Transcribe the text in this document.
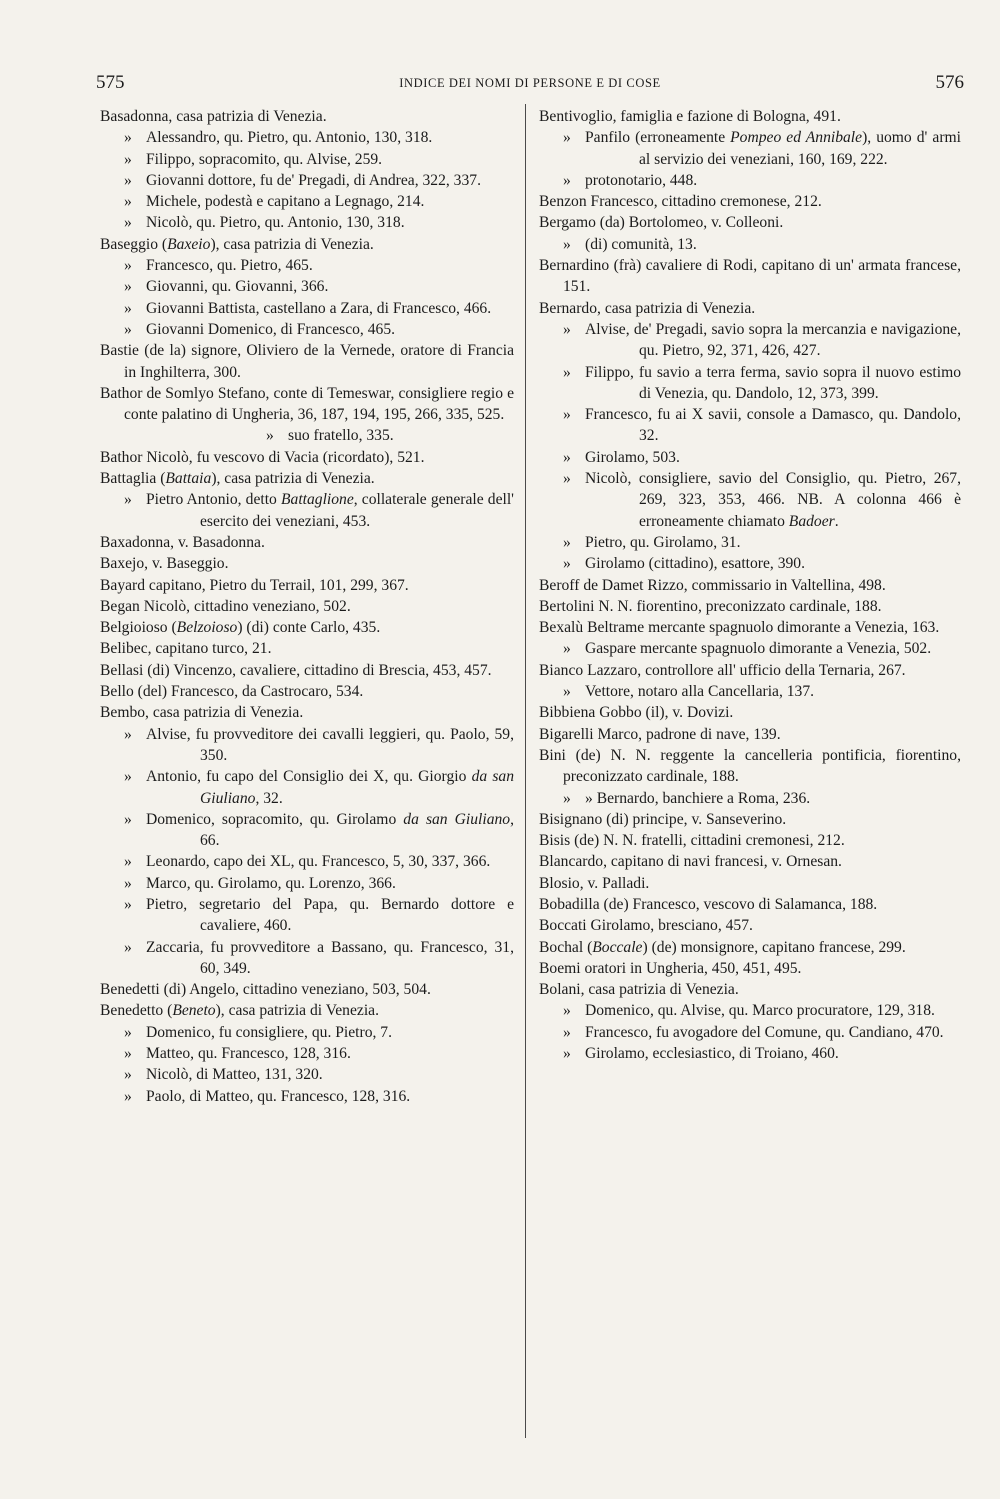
575	INDICE DEI NOMI DI PERSONE E DI COSE	576

Basadonna, casa patrizia di Venezia.

» Alessandro, qu. Pietro, qu. Antonio, 130, 318.

» Filippo, sopracomito, qu. Alvise, 259.

» Giovanni dottore, fu de' Pregadi, di Andrea, 322, 337.

» Michele, podestà e capitano a Legnago, 214.

» Nicolò, qu. Pietro, qu. Antonio, 130, 318.

Baseggio (Baxeio), casa patrizia di Venezia.

» Francesco, qu. Pietro, 465.

» Giovanni, qu. Giovanni, 366.

» Giovanni Battista, castellano a Zara, di Francesco, 466.

» Giovanni Domenico, di Francesco, 465.

Bastie (de la) signore, Oliviero de la Vernede, oratore di Francia in Inghilterra, 300.

Bathor de Somlyo Stefano, conte di Temeswar, consigliere regio e conte palatino di Ungheria, 36, 187, 194, 195, 266, 335, 525.

» suo fratello, 335.

Bathor Nicolò, fu vescovo di Vacia (ricordato), 521.

Battaglia (Battaia), casa patrizia di Venezia.

» Pietro Antonio, detto Battaglione, collaterale generale dell' esercito dei veneziani, 453.

Baxadonna, v. Basadonna.

Baxejo, v. Baseggio.

Bayard capitano, Pietro du Terrail, 101, 299, 367.

Began Nicolò, cittadino veneziano, 502.

Belgioioso (Belzoioso) (di) conte Carlo, 435.

Belibec, capitano turco, 21.

Bellasi (di) Vincenzo, cavaliere, cittadino di Brescia, 453, 457.

Bello (del) Francesco, da Castrocaro, 534.

Bembo, casa patrizia di Venezia.

» Alvise, fu provveditore dei cavalli leggieri, qu. Paolo, 59, 350.

» Antonio, fu capo del Consiglio dei X, qu. Giorgio da san Giuliano, 32.

» Domenico, sopracomito, qu. Girolamo da san Giuliano, 66.

» Leonardo, capo dei XL, qu. Francesco, 5, 30, 337, 366.

» Marco, qu. Girolamo, qu. Lorenzo, 366.

» Pietro, segretario del Papa, qu. Bernardo dottore e cavaliere, 460.

» Zaccaria, fu provveditore a Bassano, qu. Francesco, 31, 60, 349.

Benedetti (di) Angelo, cittadino veneziano, 503, 504.

Benedetto (Beneto), casa patrizia di Venezia.

» Domenico, fu consigliere, qu. Pietro, 7.

» Matteo, qu. Francesco, 128, 316.

» Nicolò, di Matteo, 131, 320.

» Paolo, di Matteo, qu. Francesco, 128, 316.

Bentivoglio, famiglia e fazione di Bologna, 491.

» Panfilo (erroneamente Pompeo ed Annibale), uomo d' armi al servizio dei veneziani, 160, 169, 222.

» protonotario, 448.

Benzon Francesco, cittadino cremonese, 212.

Bergamo (da) Bortolomeo, v. Colleoni.

» (di) comunità, 13.

Bernardino (frà) cavaliere di Rodi, capitano di un' armata francese, 151.

Bernardo, casa patrizia di Venezia.

» Alvise, de' Pregadi, savio sopra la mercanzia e navigazione, qu. Pietro, 92, 371, 426, 427.

» Filippo, fu savio a terra ferma, savio sopra il nuovo estimo di Venezia, qu. Dandolo, 12, 373, 399.

» Francesco, fu ai X savii, console a Damasco, qu. Dandolo, 32.

» Girolamo, 503.

» Nicolò, consigliere, savio del Consiglio, qu. Pietro, 267, 269, 323, 353, 466. NB. A colonna 466 è erroneamente chiamato Badoer.

» Pietro, qu. Girolamo, 31.

» Girolamo (cittadino), esattore, 390.

Beroff de Damet Rizzo, commissario in Valtellina, 498.

Bertolini N. N. fiorentino, preconizzato cardinale, 188.

Bexalù Beltrame mercante spagnuolo dimorante a Venezia, 163.

» Gaspare mercante spagnuolo dimorante a Venezia, 502.

Bianco Lazzaro, controllore all' ufficio della Ternaria, 267.

» Vettore, notaro alla Cancellaria, 137.

Bibbiena Gobbo (il), v. Dovizi.

Bigarelli Marco, padrone di nave, 139.

Bini (de) N. N. reggente la cancelleria pontificia, fiorentino, preconizzato cardinale, 188.

» » Bernardo, banchiere a Roma, 236.

Bisignano (di) principe, v. Sanseverino.

Bisis (de) N. N. fratelli, cittadini cremonesi, 212.

Blancardo, capitano di navi francesi, v. Ornesan.

Blosio, v. Palladi.

Bobadilla (de) Francesco, vescovo di Salamanca, 188.

Boccati Girolamo, bresciano, 457.

Bochal (Boccale) (de) monsignore, capitano francese, 299.

Boemi oratori in Ungheria, 450, 451, 495.

Bolani, casa patrizia di Venezia.

» Domenico, qu. Alvise, qu. Marco procuratore, 129, 318.

» Francesco, fu avogadore del Comune, qu. Candiano, 470.

» Girolamo, ecclesiastico, di Troiano, 460.
